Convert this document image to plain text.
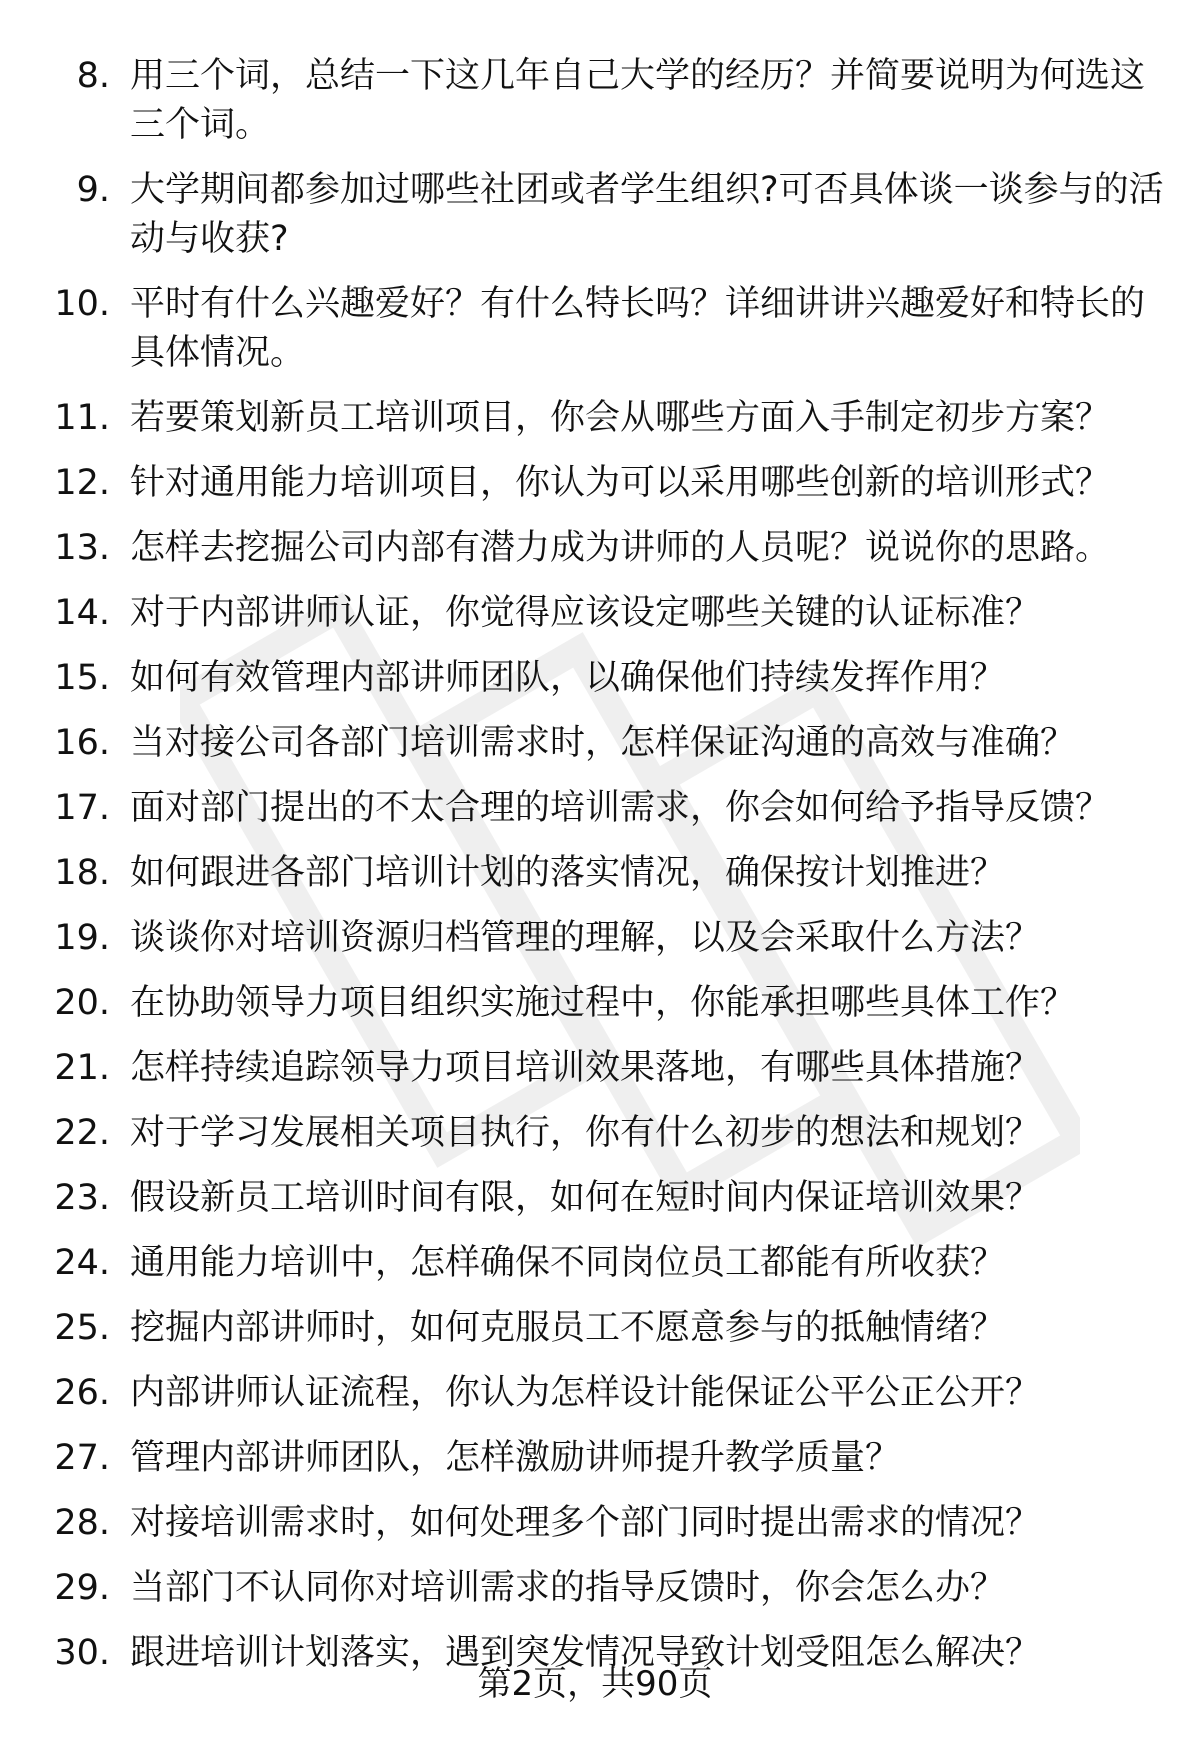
8. 用三个词，总结一下这几年自己大学的经历？并简要说明为何选这三个词。
9. 大学期间都参加过哪些社团或者学生组织?可否具体谈一谈参与的活动与收获?
10. 平时有什么兴趣爱好？有什么特长吗？详细讲讲兴趣爱好和特长的具体情况。
11. 若要策划新员工培训项目，你会从哪些方面入手制定初步方案？
12. 针对通用能力培训项目，你认为可以采用哪些创新的培训形式？
13. 怎样去挖掘公司内部有潜力成为讲师的人员呢？说说你的思路。
14. 对于内部讲师认证，你觉得应该设定哪些关键的认证标准？
15. 如何有效管理内部讲师团队，以确保他们持续发挥作用？
16. 当对接公司各部门培训需求时，怎样保证沟通的高效与准确？
17. 面对部门提出的不太合理的培训需求，你会如何给予指导反馈？
18. 如何跟进各部门培训计划的落实情况，确保按计划推进？
19. 谈谈你对培训资源归档管理的理解，以及会采取什么方法？
20. 在协助领导力项目组织实施过程中，你能承担哪些具体工作？
21. 怎样持续追踪领导力项目培训效果落地，有哪些具体措施？
22. 对于学习发展相关项目执行，你有什么初步的想法和规划？
23. 假设新员工培训时间有限，如何在短时间内保证培训效果？
24. 通用能力培训中，怎样确保不同岗位员工都能有所收获？
25. 挖掘内部讲师时，如何克服员工不愿意参与的抵触情绪？
26. 内部讲师认证流程，你认为怎样设计能保证公平公正公开？
27. 管理内部讲师团队，怎样激励讲师提升教学质量？
28. 对接培训需求时，如何处理多个部门同时提出需求的情况？
29. 当部门不认同你对培训需求的指导反馈时，你会怎么办？
30. 跟进培训计划落实，遇到突发情况导致计划受阻怎么解决？
第2页，共90页
